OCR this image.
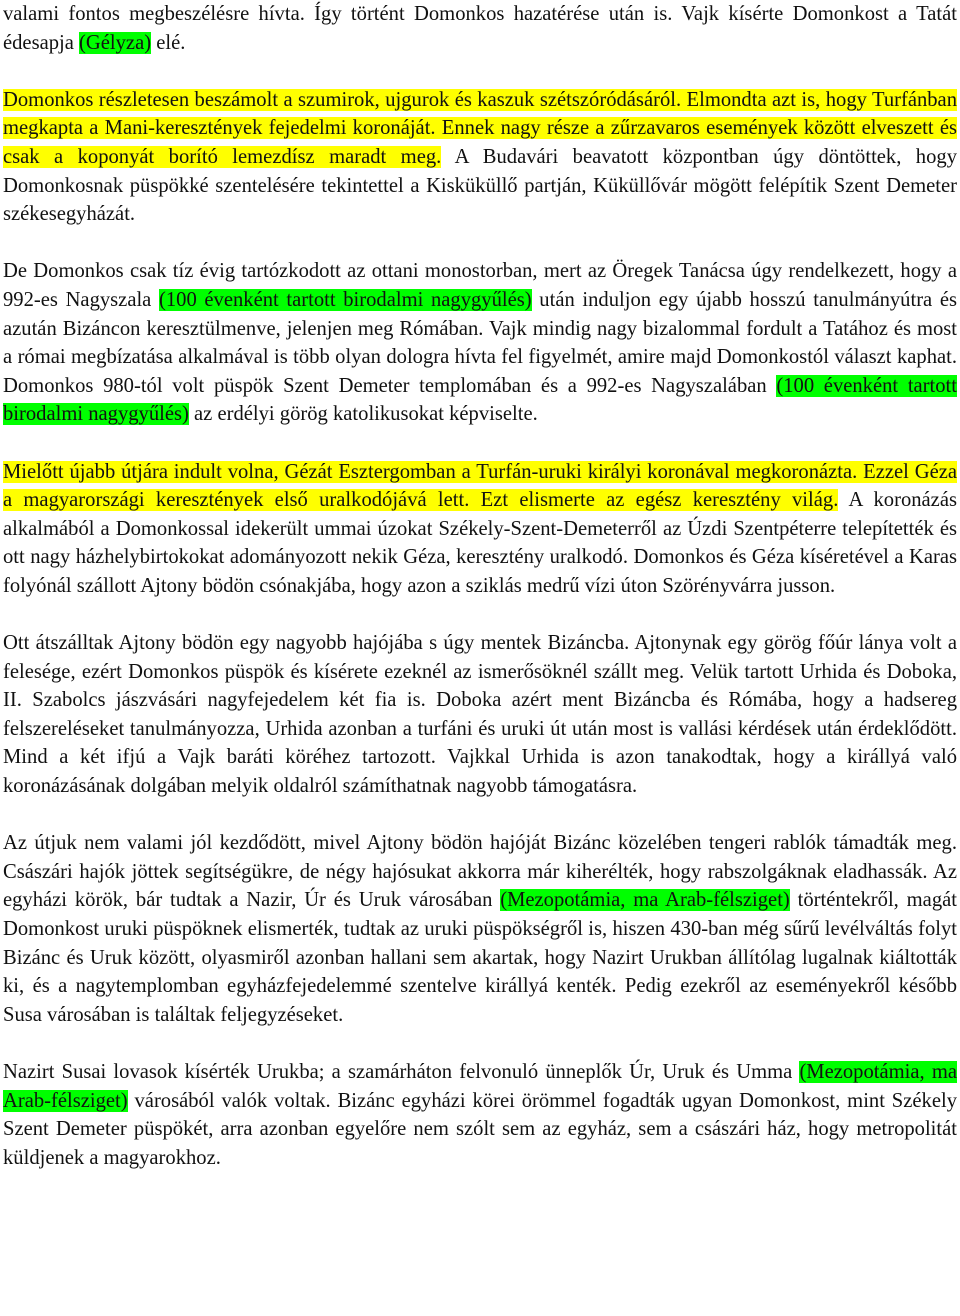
valami fontos megbeszélésre hívta. Így történt Domonkos hazatérése után is. Vajk kísérte Domonkost a Tatát édesapja (Gélyza) elé.

Domonkos részletesen beszámolt a szumirok, ujgurok és kaszuk szétszóródásáról. Elmondta azt is, hogy Turfánban megkapta a Mani-keresztények fejedelmi koronáját. Ennek nagy része a zűrzavaros események között elveszett és csak a koponyát borító lemezdísz maradt meg. A Budavári beavatott központban úgy döntöttek, hogy Domonkosnak püspökké szentelésére tekintettel a Kisküküllő partján, Küküllővár mögött felépítik Szent Demeter székesegyházát.

De Domonkos csak tíz évig tartózkodott az ottani monostorban, mert az Öregek Tanácsa úgy rendelkezett, hogy a 992-es Nagyszala (100 évenként tartott birodalmi nagygyűlés) után induljon egy újabb hosszú tanulmányútra és azután Bizáncon keresztülmenve, jelenjen meg Rómában. Vajk mindig nagy bizalommal fordult a Tatához és most a római megbízatása alkalmával is több olyan dologra hívta fel figyelmét, amire majd Domonkostól választ kaphat. Domonkos 980-tól volt püspök Szent Demeter templomában és a 992-es Nagyszalában (100 évenként tartott birodalmi nagygyűlés) az erdélyi görög katolikusokat képviselte.

Mielőtt újabb útjára indult volna, Gézát Esztergomban a Turfán-uruki királyi koronával megkoronázta. Ezzel Géza a magyarországi keresztények első uralkodójává lett. Ezt elismerte az egész keresztény világ. A koronázás alkalmából a Domonkossal idekerült ummai úzokat Székely-Szent-Demeterről az Úzdi Szentpéterre telepítették és ott nagy házhelybirtokokat adományozott nekik Géza, keresztény uralkodó. Domonkos és Géza kíséretével a Karas folyónál szállott Ajtony bödön csónakjába, hogy azon a sziklás medrű vízi úton Szörényvárra jusson.

Ott átszálltak Ajtony bödön egy nagyobb hajójába s úgy mentek Bizáncba. Ajtonynak egy görög főúr lánya volt a felesége, ezért Domonkos püspök és kísérete ezeknél az ismerősöknél szállt meg. Velük tartott Urhida és Doboka, II. Szabolcs jászvásári nagyfejedelem két fia is. Doboka azért ment Bizáncba és Rómába, hogy a hadsereg felszereléseket tanulmányozza, Urhida azonban a turfáni és uruki út után most is vallási kérdések után érdeklődött. Mind a két ifjú a Vajk baráti köréhez tartozott. Vajkkal Urhida is azon tanakodtak, hogy a királlyá való koronázásának dolgában melyik oldalról számíthatnak nagyobb támogatásra.

Az útjuk nem valami jól kezdődött, mivel Ajtony bödön hajóját Bizánc közelében tengeri rablók támadták meg. Császári hajók jöttek segítségükre, de négy hajósukat akkorra már kiherélték, hogy rabszolgáknak eladhassák. Az egyházi körök, bár tudtak a Nazir, Úr és Uruk városában (Mezopotámia, ma Arab-félsziget) történtekről, magát Domonkost uruki püspöknek elismerték, tudtak az uruki püspökségről is, hiszen 430-ban még sűrű levélváltás folyt Bizánc és Uruk között, olyasmiről azonban hallani sem akartak, hogy Nazirt Urukban állítólag lugalnak kiáltották ki, és a nagytemplomban egyházfejedelemmé szentelve királlyá kenték. Pedig ezekről az eseményekről később Susa városában is találtak feljegyzéseket.

Nazirt Susai lovasok kísérték Urukba; a szamárháton felvonuló ünneplők Úr, Uruk és Umma (Mezopotámia, ma Arab-félsziget) városából valók voltak. Bizánc egyházi körei örömmel fogadták ugyan Domonkost, mint Székely Szent Demeter püspökét, arra azonban egyelőre nem szólt sem az egyház, sem a császári ház, hogy metropolitát küldjenek a magyarokhoz.
